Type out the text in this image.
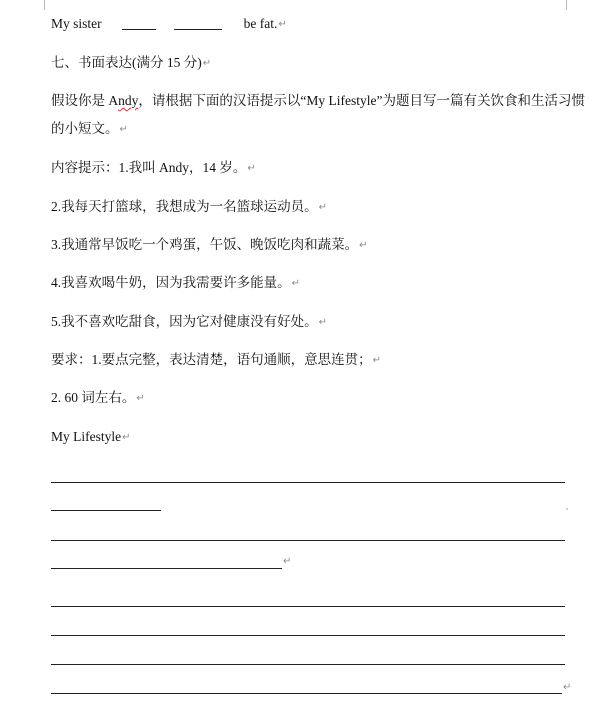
My sister	be fat.↵
七、书面表达(满分 15 分)↵
假设你是 Andy，请根据下面的汉语提示以“My Lifestyle”为题目写一篇有关饮食和生活习惯
的小短文。↵
内容提示：1.我叫 Andy，14 岁。↵
2.我每天打篮球，我想成为一名篮球运动员。↵
3.我通常早饭吃一个鸡蛋，午饭、晚饭吃肉和蔬菜。↵
4.我喜欢喝牛奶，因为我需要许多能量。↵
5.我不喜欢吃甜食，因为它对健康没有好处。↵
要求：1.要点完整，表达清楚，语句通顺，意思连贯；↵
2. 60 词左右。↵
My Lifestyle↵
↵
↵
